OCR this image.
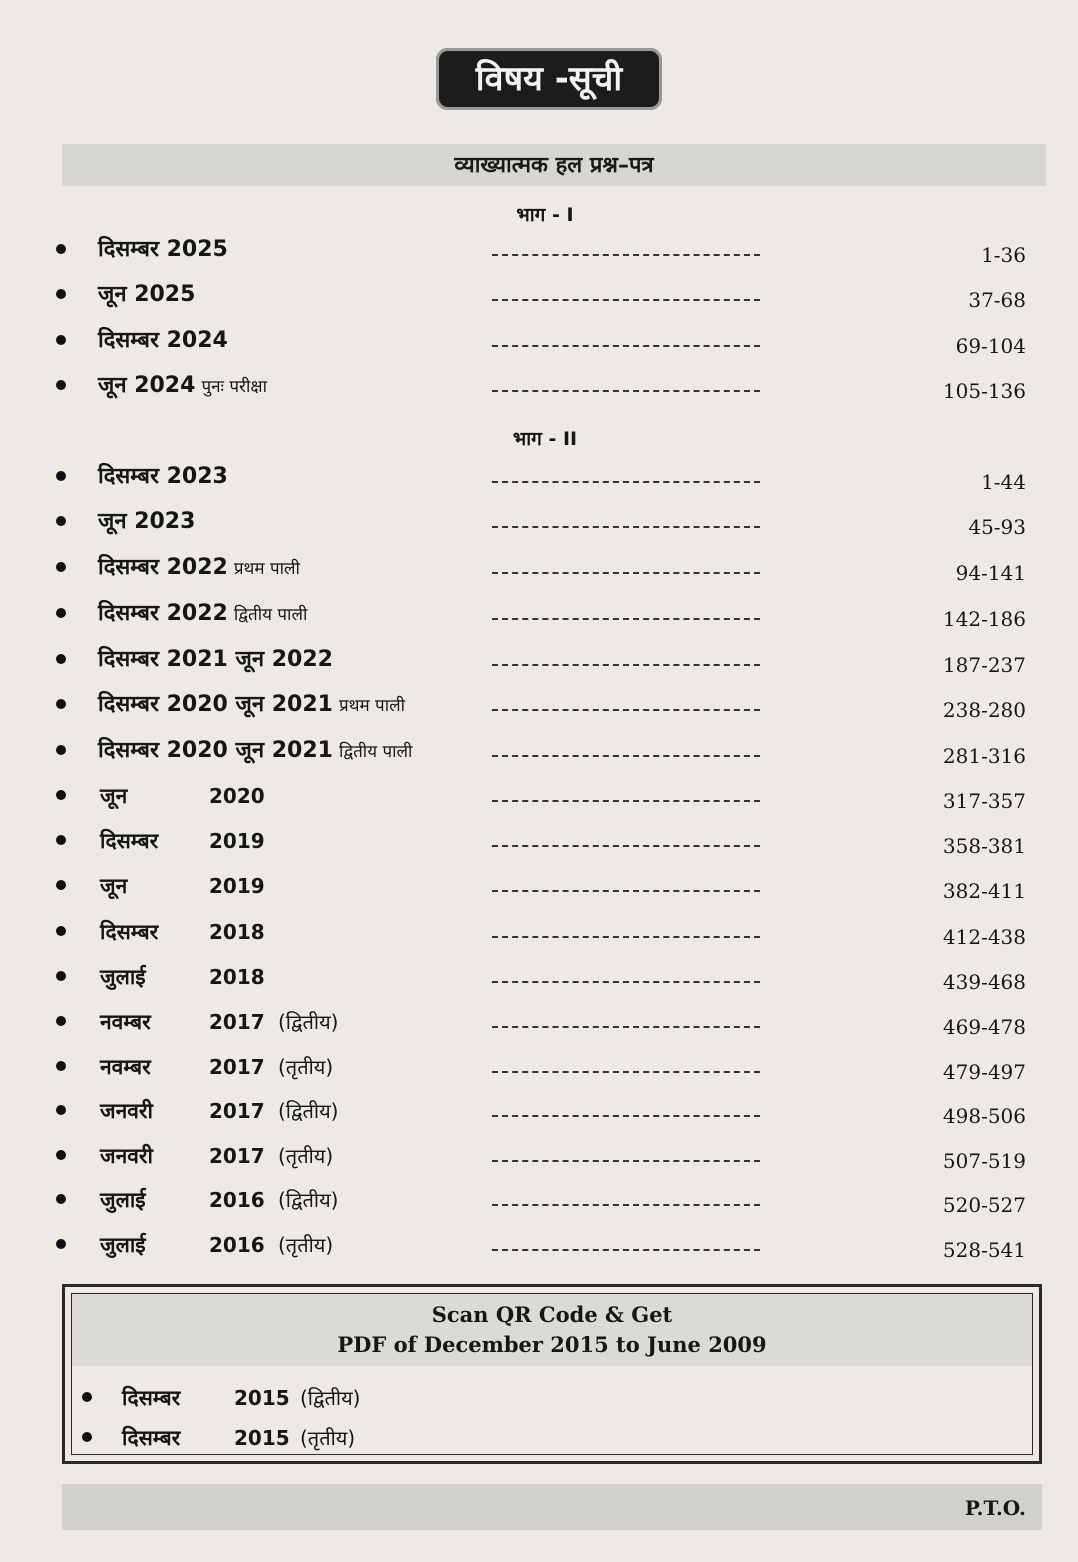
विषय -सूची
व्याख्यात्मक हल प्रश्न–पत्र
भाग - I
दिसम्बर 2025	1-36
जून 2025	37-68
दिसम्बर 2024	69-104
जून 2024 पुनः परीक्षा	105-136
भाग - II
दिसम्बर 2023	1-44
जून 2023	45-93
दिसम्बर 2022 प्रथम पाली	94-141
दिसम्बर 2022 द्वितीय पाली	142-186
दिसम्बर 2021 जून 2022	187-237
दिसम्बर 2020 जून 2021 प्रथम पाली	238-280
दिसम्बर 2020 जून 2021 द्वितीय पाली	281-316
जून	2020	317-357
दिसम्बर	2019	358-381
जून	2019	382-411
दिसम्बर	2018	412-438
जुलाई	2018	439-468
नवम्बर	2017 (द्वितीय)	469-478
नवम्बर	2017 (तृतीय)	479-497
जनवरी	2017 (द्वितीय)	498-506
जनवरी	2017 (तृतीय)	507-519
जुलाई	2016 (द्वितीय)	520-527
जुलाई	2016 (तृतीय)	528-541
Scan QR Code & Get
PDF of December 2015 to June 2009
दिसम्बर	2015 (द्वितीय)
दिसम्बर	2015 (तृतीय)
P.T.O.
